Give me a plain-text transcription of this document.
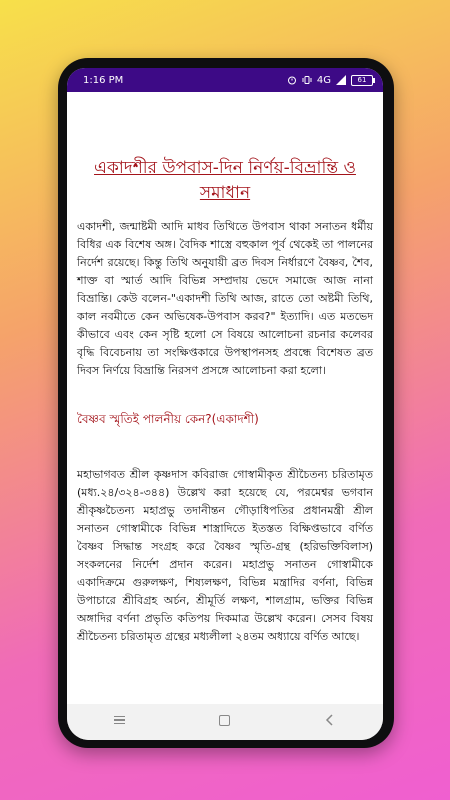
1:16 PM	4G	61
একাদশীর উপবাস-দিন নির্ণয়-বিভ্রান্তি ও সমাধান

একাদশী, জন্মাষ্টমী আদি মাধব তিথিতে উপবাস থাকা সনাতন ধর্মীয় বিধির এক বিশেষ অঙ্গ। বৈদিক শাস্ত্রে বহুকাল পূর্ব থেকেই তা পালনের নির্দেশ রয়েছে। কিন্তু তিথি অনুযায়ী ব্রত দিবস নির্ধারণে বৈষ্ণব, শৈব, শাক্ত বা স্মার্ত আদি বিভিন্ন সম্প্রদায় ভেদে সমাজে আজ নানা বিভ্রান্তি। কেউ বলেন-"একাদশী তিথি আজ, রাতে তো অষ্টমী তিথি, কাল নবমীতে কেন অভিষেক-উপবাস করব?" ইত্যাদি। এত মতভেদ কীভাবে এবং কেন সৃষ্টি হলো সে বিষয়ে আলোচনা রচনার কলেবর বৃদ্ধি বিবেচনায় তা সংক্ষিপ্তকারে উপস্থাপনসহ প্রবন্ধে বিশেষত ব্রত দিবস নির্ণয়ে বিভ্রান্তি নিরসণ প্রসঙ্গে আলোচনা করা হলো।

বৈষ্ণব স্মৃতিই পালনীয় কেন?(একাদশী)

মহাভাগবত শ্রীল কৃষ্ণদাস কবিরাজ গোস্বামীকৃত শ্রীচৈতন্য চরিতামৃত (মধ্য.২৪/৩২৪-৩৪৪) উল্লেখ করা হয়েছে যে, পরমেশ্বর ভগবান শ্রীকৃষ্ণচৈতন্য মহাপ্রভু তদানীন্তন গৌড়াধিপতির প্রধানমন্ত্রী শ্রীল সনাতন গোস্বামীকে বিভিন্ন শাস্ত্রাদিতে ইতস্তত বিক্ষিপ্তভাবে বর্ণিত বৈষ্ণব সিদ্ধান্ত সংগ্রহ করে বৈষ্ণব স্মৃতি-গ্রন্থ (হরিভক্তিবিলাস) সংকলনের নির্দেশ প্রদান করেন। মহাপ্রভু সনাতন গোস্বামীকে একাদিক্রমে গুরুলক্ষণ, শিষ্যলক্ষণ, বিভিন্ন মন্ত্রাদির বর্ণনা, বিভিন্ন উপাচারে শ্রীবিগ্রহ অর্চন, শ্রীমূর্তি লক্ষণ, শালগ্রাম, ভক্তির বিভিন্ন অঙ্গাদির বর্ণনা প্রভৃতি কতিপয় দিকমাত্র উল্লেখ করেন। সেসব বিষয় শ্রীচৈতন্য চরিতামৃত গ্রন্থের মধ্যলীলা ২৪তম অধ্যায়ে বর্ণিত আছে।
